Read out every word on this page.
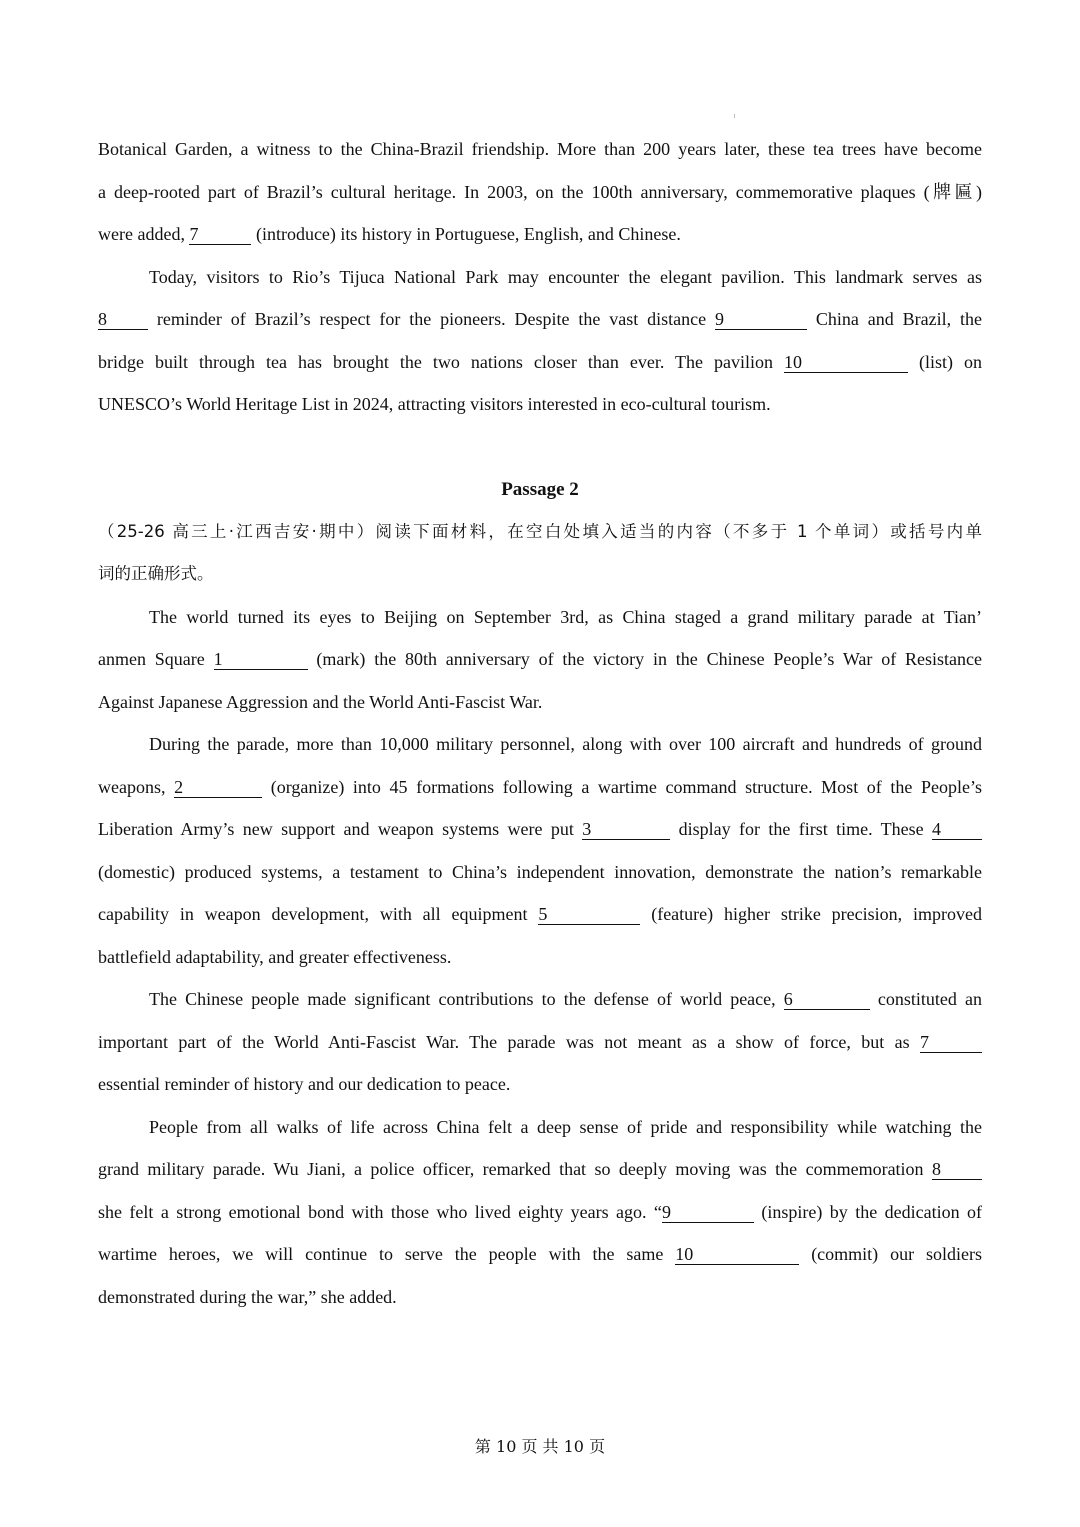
Botanical Garden, a witness to the China-Brazil friendship. More than 200 years later, these tea trees have become
a deep-rooted part of Brazil’s cultural heritage. In 2003, on the 100th anniversary, commemorative plaques (牌匾)
were added, 7	(introduce) its history in Portuguese, English, and Chinese.

Today, visitors to Rio’s Tijuca National Park may encounter the elegant pavilion. This landmark serves as
8 reminder of Brazil’s respect for the pioneers. Despite the vast distance 9	China and Brazil, the
bridge built through tea has brought the two nations closer than ever. The pavilion 10	(list) on
UNESCO’s World Heritage List in 2024, attracting visitors interested in eco-cultural tourism.

Passage 2

（25-26 高三上·江西吉安·期中）阅读下面材料，在空白处填入适当的内容（不多于 1 个单词）或括号内单
词的正确形式。

The world turned its eyes to Beijing on September 3rd, as China staged a grand military parade at Tian’
anmen Square 1	(mark) the 80th anniversary of the victory in the Chinese People’s War of Resistance
Against Japanese Aggression and the World Anti-Fascist War.

During the parade, more than 10,000 military personnel, along with over 100 aircraft and hundreds of ground
weapons, 2	(organize) into 45 formations following a wartime command structure. Most of the People’s
Liberation Army’s new support and weapon systems were put 3	display for the first time. These 4
(domestic) produced systems, a testament to China’s independent innovation, demonstrate the nation’s remarkable
capability in weapon development, with all equipment 5	(feature) higher strike precision, improved
battlefield adaptability, and greater effectiveness.

The Chinese people made significant contributions to the defense of world peace, 6	constituted an
important part of the World Anti-Fascist War. The parade was not meant as a show of force, but as 7
essential reminder of history and our dedication to peace.

People from all walks of life across China felt a deep sense of pride and responsibility while watching the
grand military parade. Wu Jiani, a police officer, remarked that so deeply moving was the commemoration 8
she felt a strong emotional bond with those who lived eighty years ago. “9	(inspire) by the dedication of
wartime heroes, we will continue to serve the people with the same 10	(commit) our soldiers
demonstrated during the war,” she added.

第 10 页 共 10 页
